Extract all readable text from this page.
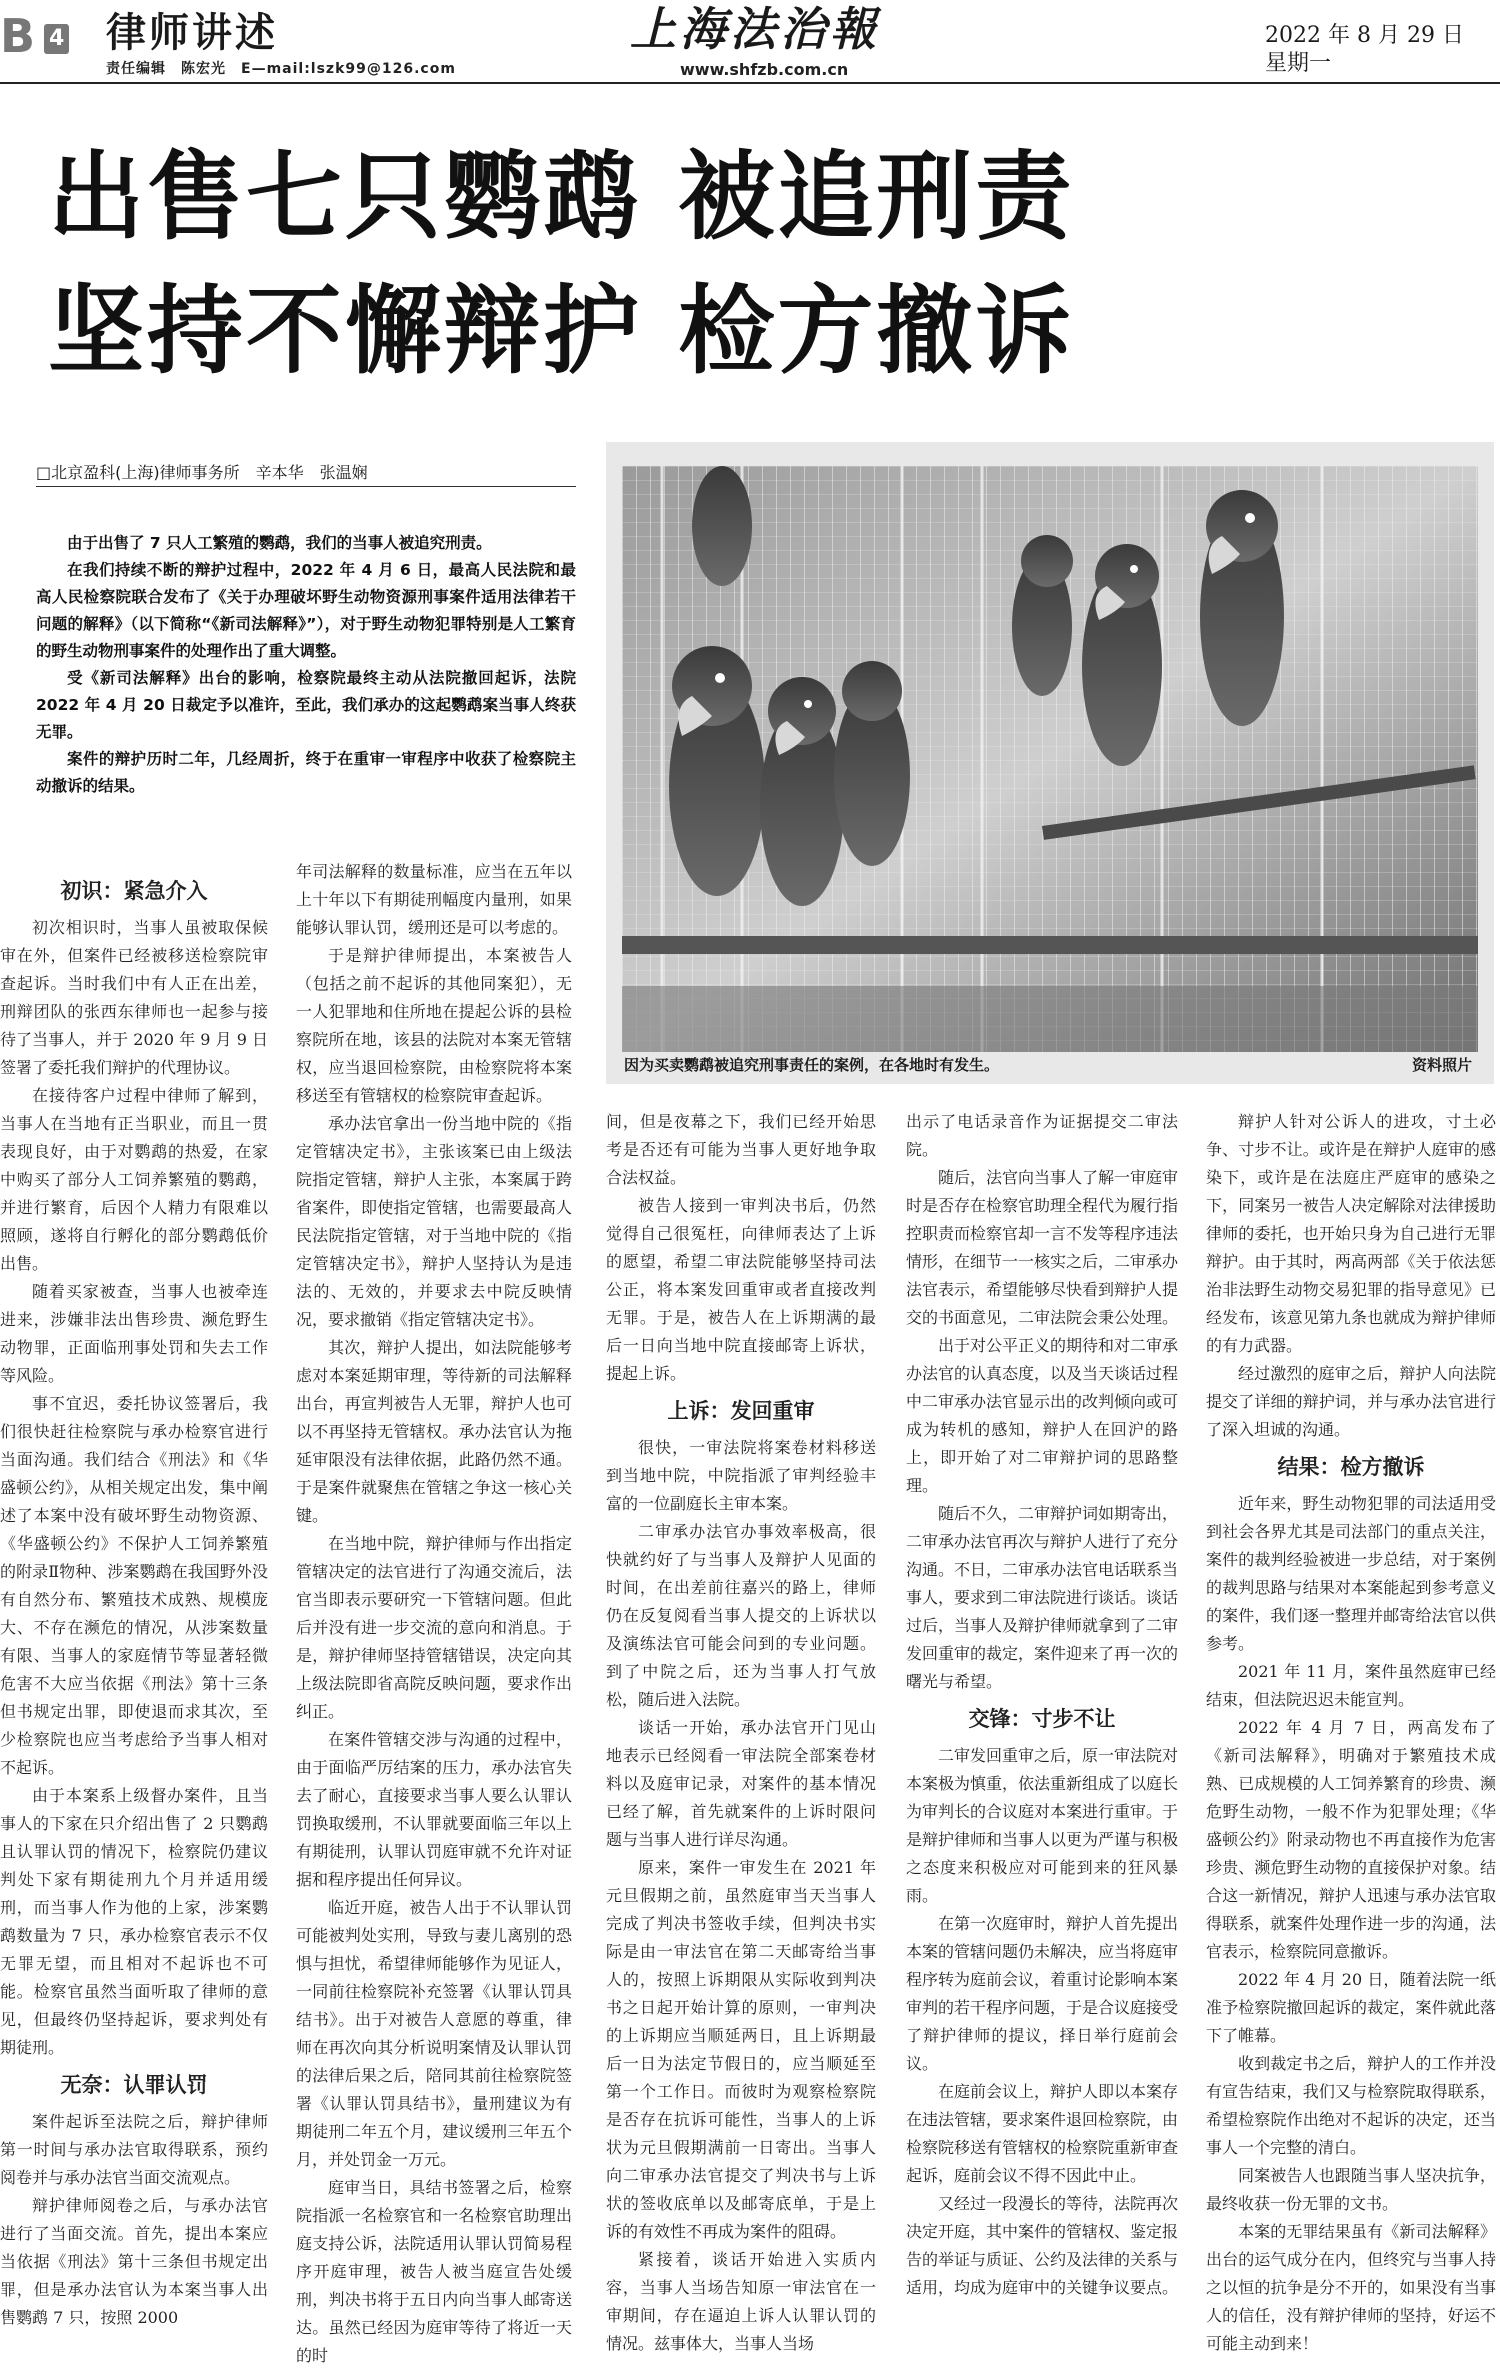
B 4 律师讲述
责任编辑　陈宏光　E—mail:lszk99@126.com
上海法治報
www.shfzb.com.cn
2022 年 8 月 29 日　星期一
出售七只鹦鹉 被追刑责
坚持不懈辩护 检方撤诉
□北京盈科(上海)律师事务所　辛本华　张温娴

由于出售了 7 只人工繁殖的鹦鹉，我们的当事人被追究刑责。

在我们持续不断的辩护过程中，2022 年 4 月 6 日，最高人民法院和最高人民检察院联合发布了《关于办理破坏野生动物资源刑事案件适用法律若干问题的解释》（以下简称“《新司法解释》”），对于野生动物犯罪特别是人工繁育的野生动物刑事案件的处理作出了重大调整。

受《新司法解释》出台的影响，检察院最终主动从法院撤回起诉，法院 2022 年 4 月 20 日裁定予以准许，至此，我们承办的这起鹦鹉案当事人终获无罪。

案件的辩护历时二年，几经周折，终于在重审一审程序中收获了检察院主动撤诉的结果。

因为买卖鹦鹉被追究刑事责任的案例，在各地时有发生。	资料照片
初识：紧急介入

初次相识时，当事人虽被取保候审在外，但案件已经被移送检察院审查起诉。当时我们中有人正在出差，刑辩团队的张西东律师也一起参与接待了当事人，并于 2020 年 9 月 9 日签署了委托我们辩护的代理协议。

在接待客户过程中律师了解到，当事人在当地有正当职业，而且一贯表现良好，由于对鹦鹉的热爱，在家中购买了部分人工饲养繁殖的鹦鹉，并进行繁育，后因个人精力有限难以照顾，遂将自行孵化的部分鹦鹉低价出售。

随着买家被查，当事人也被牵连进来，涉嫌非法出售珍贵、濒危野生动物罪，正面临刑事处罚和失去工作等风险。

事不宜迟，委托协议签署后，我们很快赶往检察院与承办检察官进行当面沟通。我们结合《刑法》和《华盛顿公约》，从相关规定出发，集中阐述了本案中没有破坏野生动物资源、《华盛顿公约》不保护人工饲养繁殖的附录Ⅱ物种、涉案鹦鹉在我国野外没有自然分布、繁殖技术成熟、规模庞大、不存在濒危的情况，从涉案数量有限、当事人的家庭情节等显著轻微危害不大应当依据《刑法》第十三条但书规定出罪，即使退而求其次，至少检察院也应当考虑给予当事人相对不起诉。

由于本案系上级督办案件，且当事人的下家在只介绍出售了 2 只鹦鹉且认罪认罚的情况下，检察院仍建议判处下家有期徒刑九个月并适用缓刑，而当事人作为他的上家，涉案鹦鹉数量为 7 只，承办检察官表示不仅无罪无望，而且相对不起诉也不可能。检察官虽然当面听取了律师的意见，但最终仍坚持起诉，要求判处有期徒刑。

无奈：认罪认罚

案件起诉至法院之后，辩护律师第一时间与承办法官取得联系，预约阅卷并与承办法官当面交流观点。

辩护律师阅卷之后，与承办法官进行了当面交流。首先，提出本案应当依据《刑法》第十三条但书规定出罪，但是承办法官认为本案当事人出售鹦鹉 7 只，按照 2000

年司法解释的数量标准，应当在五年以上十年以下有期徒刑幅度内量刑，如果能够认罪认罚，缓刑还是可以考虑的。

于是辩护律师提出，本案被告人（包括之前不起诉的其他同案犯），无一人犯罪地和住所地在提起公诉的县检察院所在地，该县的法院对本案无管辖权，应当退回检察院，由检察院将本案移送至有管辖权的检察院审查起诉。

承办法官拿出一份当地中院的《指定管辖决定书》，主张该案已由上级法院指定管辖，辩护人主张，本案属于跨省案件，即使指定管辖，也需要最高人民法院指定管辖，对于当地中院的《指定管辖决定书》，辩护人坚持认为是违法的、无效的，并要求去中院反映情况，要求撤销《指定管辖决定书》。

其次，辩护人提出，如法院能够考虑对本案延期审理，等待新的司法解释出台，再宣判被告人无罪，辩护人也可以不再坚持无管辖权。承办法官认为拖延审限没有法律依据，此路仍然不通。于是案件就聚焦在管辖之争这一核心关键。

在当地中院，辩护律师与作出指定管辖决定的法官进行了沟通交流后，法官当即表示要研究一下管辖问题。但此后并没有进一步交流的意向和消息。于是，辩护律师坚持管辖错误，决定向其上级法院即省高院反映问题，要求作出纠正。

在案件管辖交涉与沟通的过程中，由于面临严厉结案的压力，承办法官失去了耐心，直接要求当事人要么认罪认罚换取缓刑，不认罪就要面临三年以上有期徒刑，认罪认罚庭审就不允许对证据和程序提出任何异议。

临近开庭，被告人出于不认罪认罚可能被判处实刑，导致与妻儿离别的恐惧与担忧，希望律师能够作为见证人，一同前往检察院补充签署《认罪认罚具结书》。出于对被告人意愿的尊重，律师在再次向其分析说明案情及认罪认罚的法律后果之后，陪同其前往检察院签署《认罪认罚具结书》，量刑建议为有期徒刑二年五个月，建议缓刑三年五个月，并处罚金一万元。

庭审当日，具结书签署之后，检察院指派一名检察官和一名检察官助理出庭支持公诉，法院适用认罪认罚简易程序开庭审理，被告人被当庭宣告处缓刑，判决书将于五日内向当事人邮寄送达。虽然已经因为庭审等待了将近一天的时

间，但是夜幕之下，我们已经开始思考是否还有可能为当事人更好地争取合法权益。

被告人接到一审判决书后，仍然觉得自己很冤枉，向律师表达了上诉的愿望，希望二审法院能够坚持司法公正，将本案发回重审或者直接改判无罪。于是，被告人在上诉期满的最后一日向当地中院直接邮寄上诉状，提起上诉。

上诉：发回重审

很快，一审法院将案卷材料移送到当地中院，中院指派了审判经验丰富的一位副庭长主审本案。

二审承办法官办事效率极高，很快就约好了与当事人及辩护人见面的时间，在出差前往嘉兴的路上，律师仍在反复阅看当事人提交的上诉状以及演练法官可能会问到的专业问题。到了中院之后，还为当事人打气放松，随后进入法院。

谈话一开始，承办法官开门见山地表示已经阅看一审法院全部案卷材料以及庭审记录，对案件的基本情况已经了解，首先就案件的上诉时限问题与当事人进行详尽沟通。

原来，案件一审发生在 2021 年元旦假期之前，虽然庭审当天当事人完成了判决书签收手续，但判决书实际是由一审法官在第二天邮寄给当事人的，按照上诉期限从实际收到判决书之日起开始计算的原则，一审判决的上诉期应当顺延两日，且上诉期最后一日为法定节假日的，应当顺延至第一个工作日。而彼时为观察检察院是否存在抗诉可能性，当事人的上诉状为元旦假期满前一日寄出。当事人向二审承办法官提交了判决书与上诉状的签收底单以及邮寄底单，于是上诉的有效性不再成为案件的阻碍。

紧接着，谈话开始进入实质内容，当事人当场告知原一审法官在一审期间，存在逼迫上诉人认罪认罚的情况。兹事体大，当事人当场

出示了电话录音作为证据提交二审法院。

随后，法官向当事人了解一审庭审时是否存在检察官助理全程代为履行指控职责而检察官却一言不发等程序违法情形，在细节一一核实之后，二审承办法官表示，希望能够尽快看到辩护人提交的书面意见，二审法院会秉公处理。

出于对公平正义的期待和对二审承办法官的认真态度，以及当天谈话过程中二审承办法官显示出的改判倾向或可成为转机的感知，辩护人在回沪的路上，即开始了对二审辩护词的思路整理。

随后不久，二审辩护词如期寄出，二审承办法官再次与辩护人进行了充分沟通。不日，二审承办法官电话联系当事人，要求到二审法院进行谈话。谈话过后，当事人及辩护律师就拿到了二审发回重审的裁定，案件迎来了再一次的曙光与希望。

交锋：寸步不让

二审发回重审之后，原一审法院对本案极为慎重，依法重新组成了以庭长为审判长的合议庭对本案进行重审。于是辩护律师和当事人以更为严谨与积极之态度来积极应对可能到来的狂风暴雨。

在第一次庭审时，辩护人首先提出本案的管辖问题仍未解决，应当将庭审程序转为庭前会议，着重讨论影响本案审判的若干程序问题，于是合议庭接受了辩护律师的提议，择日举行庭前会议。

在庭前会议上，辩护人即以本案存在违法管辖，要求案件退回检察院，由检察院移送有管辖权的检察院重新审查起诉，庭前会议不得不因此中止。

又经过一段漫长的等待，法院再次决定开庭，其中案件的管辖权、鉴定报告的举证与质证、公约及法律的关系与适用，均成为庭审中的关键争议要点。

辩护人针对公诉人的进攻，寸土必争、寸步不让。或许是在辩护人庭审的感染下，或许是在法庭庄严庭审的感染之下，同案另一被告人决定解除对法律援助律师的委托，也开始只身为自己进行无罪辩护。由于其时，两高两部《关于依法惩治非法野生动物交易犯罪的指导意见》已经发布，该意见第九条也就成为辩护律师的有力武器。

经过激烈的庭审之后，辩护人向法院提交了详细的辩护词，并与承办法官进行了深入坦诚的沟通。

结果：检方撤诉

近年来，野生动物犯罪的司法适用受到社会各界尤其是司法部门的重点关注，案件的裁判经验被进一步总结，对于案例的裁判思路与结果对本案能起到参考意义的案件，我们逐一整理并邮寄给法官以供参考。

2021 年 11 月，案件虽然庭审已经结束，但法院迟迟未能宣判。

2022 年 4 月 7 日，两高发布了《新司法解释》，明确对于繁殖技术成熟、已成规模的人工饲养繁育的珍贵、濒危野生动物，一般不作为犯罪处理；《华盛顿公约》附录动物也不再直接作为危害珍贵、濒危野生动物的直接保护对象。结合这一新情况，辩护人迅速与承办法官取得联系，就案件处理作进一步的沟通，法官表示，检察院同意撤诉。

2022 年 4 月 20 日，随着法院一纸准予检察院撤回起诉的裁定，案件就此落下了帷幕。

收到裁定书之后，辩护人的工作并没有宣告结束，我们又与检察院取得联系，希望检察院作出绝对不起诉的决定，还当事人一个完整的清白。

同案被告人也跟随当事人坚决抗争，最终收获一份无罪的文书。

本案的无罪结果虽有《新司法解释》出台的运气成分在内，但终究与当事人持之以恒的抗争是分不开的，如果没有当事人的信任，没有辩护律师的坚持，好运不可能主动到来！
